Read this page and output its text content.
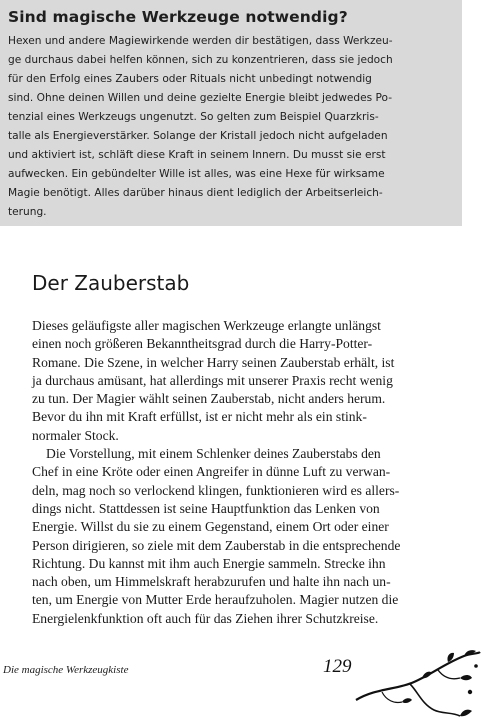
Sind magische Werkzeuge notwendig?

Hexen und andere Magiewirkende werden dir bestätigen, dass Werkzeu-
ge durchaus dabei helfen können, sich zu konzentrieren, dass sie jedoch
für den Erfolg eines Zaubers oder Rituals nicht unbedingt notwendig
sind. Ohne deinen Willen und deine gezielte Energie bleibt jedwedes Po-
tenzial eines Werkzeugs ungenutzt. So gelten zum Beispiel Quarzkris-
talle als Energieverstärker. Solange der Kristall jedoch nicht aufgeladen
und aktiviert ist, schläft diese Kraft in seinem Innern. Du musst sie erst
aufwecken. Ein gebündelter Wille ist alles, was eine Hexe für wirksame
Magie benötigt. Alles darüber hinaus dient lediglich der Arbeitserleich-
terung.

Der Zauberstab

Dieses geläufigste aller magischen Werkzeuge erlangte unlängst
einen noch größeren Bekanntheitsgrad durch die Harry-Potter-
Romane. Die Szene, in welcher Harry seinen Zauberstab erhält, ist
ja durchaus amüsant, hat allerdings mit unserer Praxis recht wenig
zu tun. Der Magier wählt seinen Zauberstab, nicht anders herum.
Bevor du ihn mit Kraft erfüllst, ist er nicht mehr als ein stink-
normaler Stock.

Die Vorstellung, mit einem Schlenker deines Zauberstabs den
Chef in eine Kröte oder einen Angreifer in dünne Luft zu verwan-
deln, mag noch so verlockend klingen, funktionieren wird es allers-
dings nicht. Stattdessen ist seine Hauptfunktion das Lenken von
Energie. Willst du sie zu einem Gegenstand, einem Ort oder einer
Person dirigieren, so ziele mit dem Zauberstab in die entsprechende
Richtung. Du kannst mit ihm auch Energie sammeln. Strecke ihn
nach oben, um Himmelskraft herabzurufen und halte ihn nach un-
ten, um Energie von Mutter Erde heraufzuholen. Magier nutzen die
Energielenkfunktion oft auch für das Ziehen ihrer Schutzkreise.

Die magische Werkzeugkiste	129
